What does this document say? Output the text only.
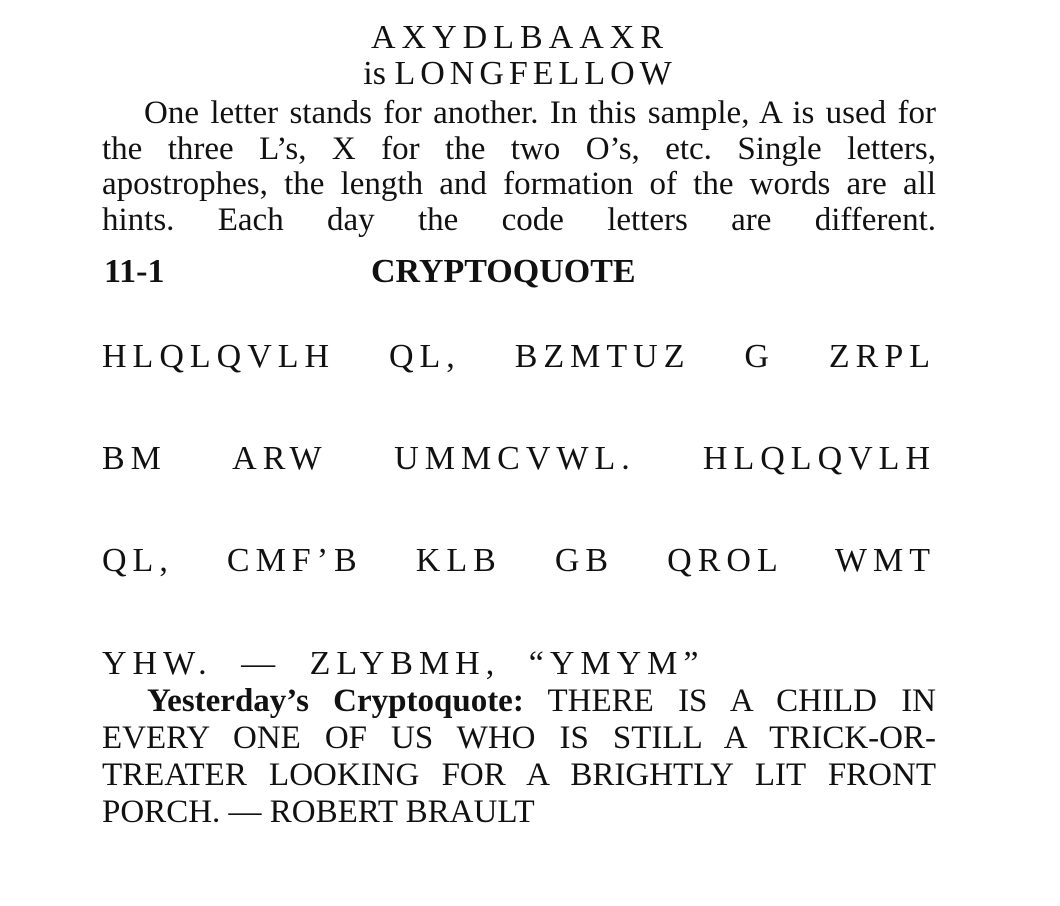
AXYDLBAAXR
is LONGFELLOW
One letter stands for another. In this sample, A is used for the three L’s, X for the two O’s, etc. Single letters, apostrophes, the length and formation of the words are all hints. Each day the code letters are different.
11-1	CRYPTOQUOTE
HLQLQVLH QL, BZMTUZ G ZRPL
BM ARW UMMCVWL. HLQLQVLH
QL, CMF’B KLB GB QROL WMT
YHW. — ZLYBMH, “YMYM”
Yesterday’s Cryptoquote: THERE IS A CHILD IN EVERY ONE OF US WHO IS STILL A TRICK-OR-TREATER LOOKING FOR A BRIGHTLY LIT FRONT PORCH. — ROBERT BRAULT
